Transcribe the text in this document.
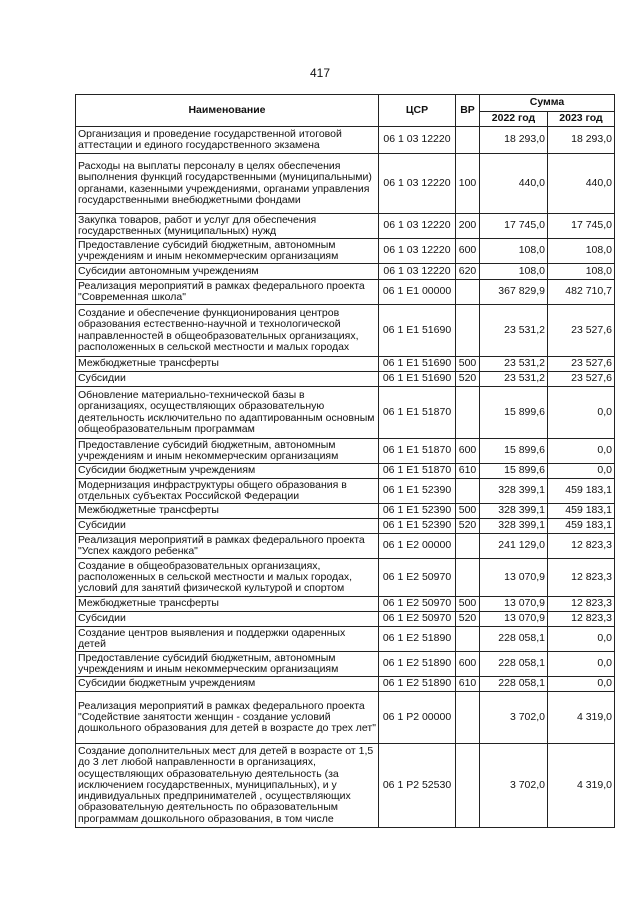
417
Наименование	ЦСР	ВР	Сумма	
			2022 год	2023 год
Организация и проведение государственной итоговой аттестации и единого государственного экзамена	06 1 03 12220		18 293,0	18 293,0
Расходы на выплаты персоналу в целях обеспечения выполнения функций государственными (муниципальными) органами, казенными учреждениями, органами управления государственными внебюджетными фондами	06 1 03 12220	100	440,0	440,0
Закупка товаров, работ и услуг для обеспечения государственных (муниципальных) нужд	06 1 03 12220	200	17 745,0	17 745,0
Предоставление субсидий бюджетным, автономным учреждениям и иным некоммерческим организациям	06 1 03 12220	600	108,0	108,0
Субсидии автономным учреждениям	06 1 03 12220	620	108,0	108,0
Реализация мероприятий в рамках федерального проекта "Современная школа"	06 1 E1 00000		367 829,9	482 710,7
Создание и обеспечение функционирования центров образования естественно-научной и технологической направленностей в общеобразовательных организациях, расположенных в сельской местности и малых городах	06 1 E1 51690		23 531,2	23 527,6
Межбюджетные трансферты	06 1 E1 51690	500	23 531,2	23 527,6
Субсидии	06 1 E1 51690	520	23 531,2	23 527,6
Обновление материально-технической базы в организациях, осуществляющих образовательную деятельность исключительно по адаптированным основным общеобразовательным программам	06 1 E1 51870		15 899,6	0,0
Предоставление субсидий бюджетным, автономным учреждениям и иным некоммерческим организациям	06 1 E1 51870	600	15 899,6	0,0
Субсидии бюджетным учреждениям	06 1 E1 51870	610	15 899,6	0,0
Модернизация инфраструктуры общего образования в отдельных субъектах Российской Федерации	06 1 E1 52390		328 399,1	459 183,1
Межбюджетные трансферты	06 1 E1 52390	500	328 399,1	459 183,1
Субсидии	06 1 E1 52390	520	328 399,1	459 183,1
Реализация мероприятий в рамках федерального проекта "Успех каждого ребенка"	06 1 E2 00000		241 129,0	12 823,3
Создание в общеобразовательных организациях, расположенных в сельской местности и малых городах, условий для занятий физической культурой и спортом	06 1 E2 50970		13 070,9	12 823,3
Межбюджетные трансферты	06 1 E2 50970	500	13 070,9	12 823,3
Субсидии	06 1 E2 50970	520	13 070,9	12 823,3
Создание центров выявления и поддержки одаренных детей	06 1 E2 51890		228 058,1	0,0
Предоставление субсидий бюджетным, автономным учреждениям и иным некоммерческим организациям	06 1 E2 51890	600	228 058,1	0,0
Субсидии бюджетным учреждениям	06 1 E2 51890	610	228 058,1	0,0
Реализация мероприятий в рамках федерального проекта "Содействие занятости женщин - создание условий дошкольного образования для детей в возрасте до трех лет"	06 1 P2 00000		3 702,0	4 319,0
Создание дополнительных мест для детей в возрасте от 1,5 до 3 лет любой направленности в организациях, осуществляющих образовательную деятельность (за исключением государственных, муниципальных), и у индивидуальных предпринимателей , осуществляющих образовательную деятельность по образовательным программам дошкольного образования, в том числе	06 1 P2 52530		3 702,0	4 319,0
